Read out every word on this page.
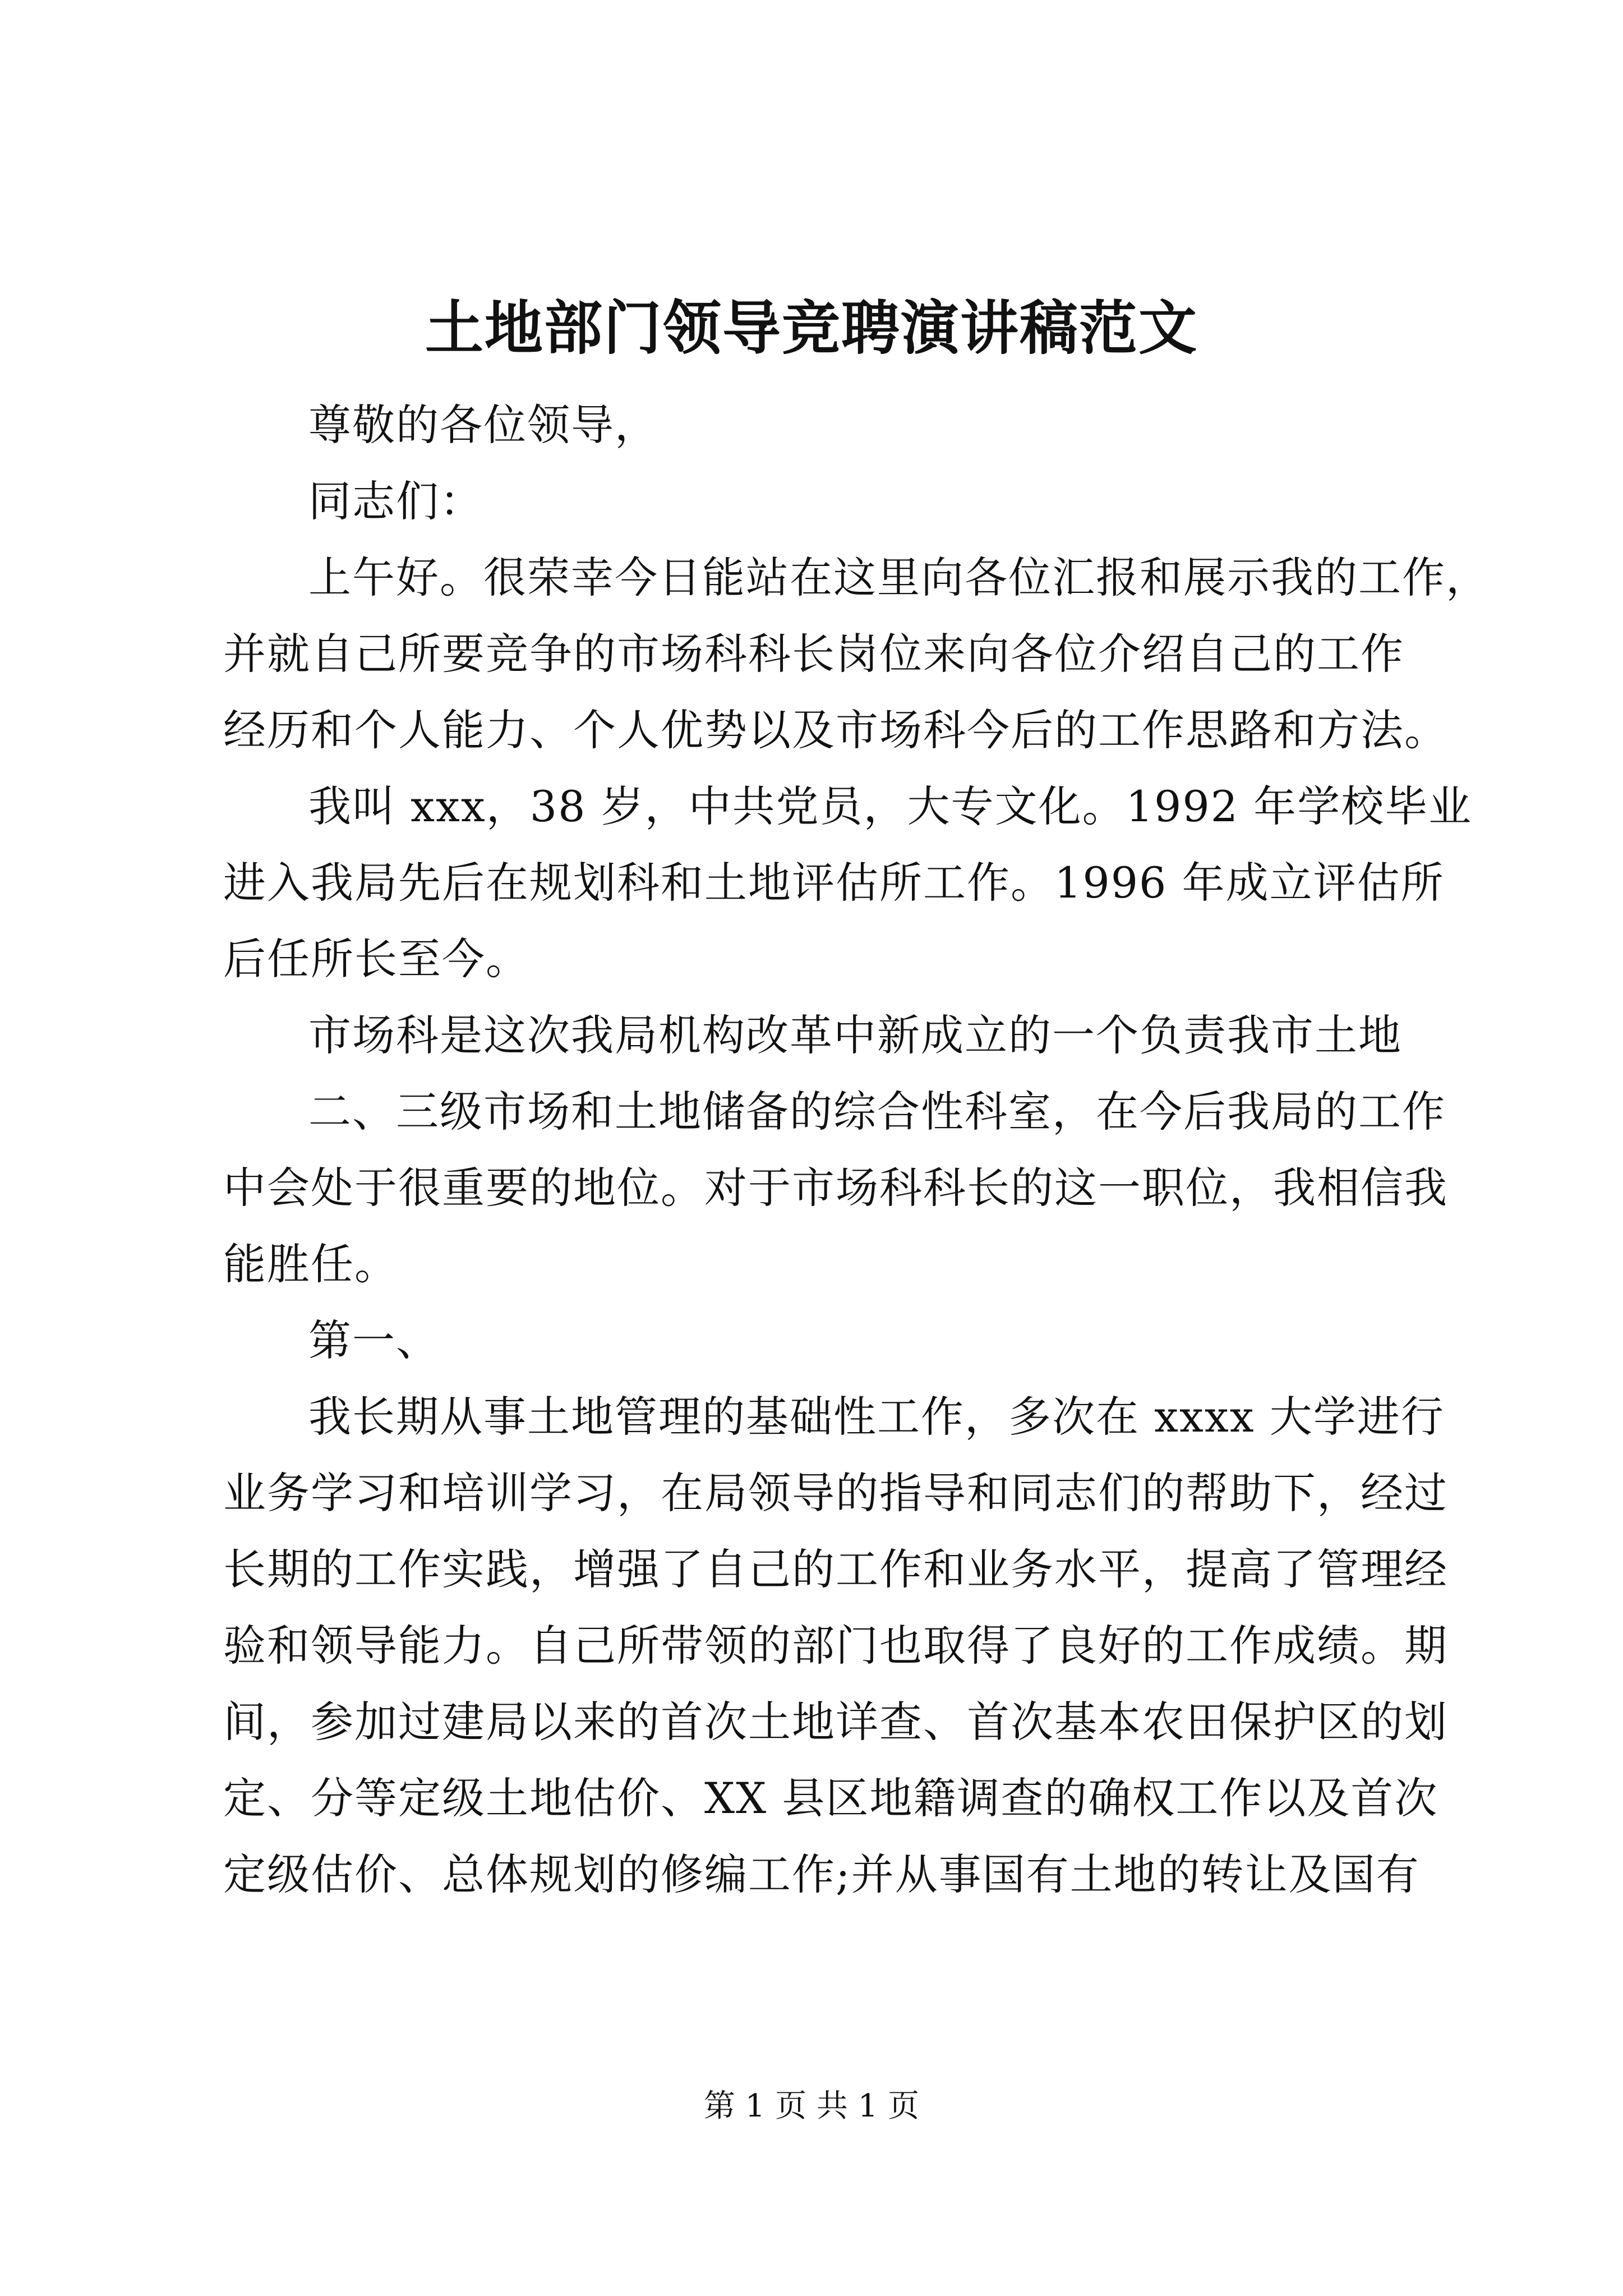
土地部门领导竞聘演讲稿范文
尊敬的各位领导，
同志们：
上午好。很荣幸今日能站在这里向各位汇报和展示我的工作，
并就自己所要竞争的市场科科长岗位来向各位介绍自己的工作
经历和个人能力、个人优势以及市场科今后的工作思路和方法。
我叫 xxx，38 岁，中共党员，大专文化。1992 年学校毕业
进入我局先后在规划科和土地评估所工作。1996 年成立评估所
后任所长至今。
市场科是这次我局机构改革中新成立的一个负责我市土地
二、三级市场和土地储备的综合性科室，在今后我局的工作
中会处于很重要的地位。对于市场科科长的这一职位，我相信我
能胜任。
第一、
我长期从事土地管理的基础性工作，多次在 xxxx 大学进行
业务学习和培训学习，在局领导的指导和同志们的帮助下，经过
长期的工作实践，增强了自己的工作和业务水平，提高了管理经
验和领导能力。自己所带领的部门也取得了良好的工作成绩。期
间，参加过建局以来的首次土地详查、首次基本农田保护区的划
定、分等定级土地估价、XX 县区地籍调查的确权工作以及首次
定级估价、总体规划的修编工作;并从事国有土地的转让及国有
第 1 页 共 1 页
